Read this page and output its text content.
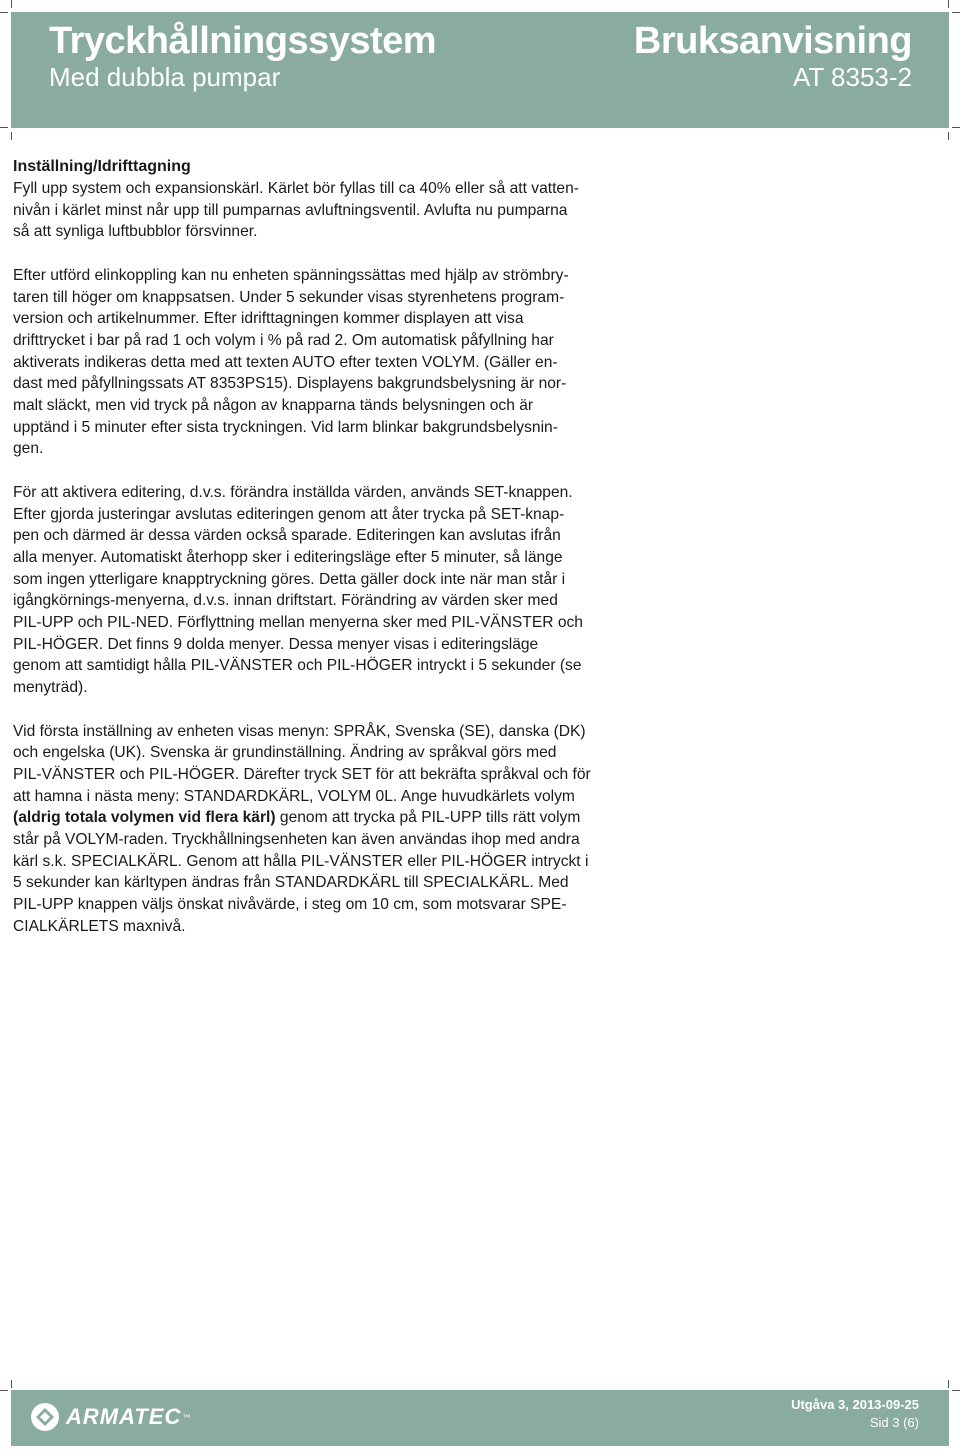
Tryckhållningssystem
Med dubbla pumpar
Bruksanvisning
AT 8353-2

Inställning/Idrifttagning

Fyll upp system och expansionskärl. Kärlet bör fyllas till ca 40% eller så att vatten-
nivån i kärlet minst når upp till pumparnas avluftningsventil. Avlufta nu pumparna
så att synliga luftbubblor försvinner.
Efter utförd elinkoppling kan nu enheten spänningssättas med hjälp av strömbry-
taren till höger om knappsatsen. Under 5 sekunder visas styrenhetens program-
version och artikelnummer. Efter idrifttagningen kommer displayen att visa
drifttrycket i bar på rad 1 och volym i % på rad 2. Om automatisk påfyllning har
aktiverats indikeras detta med att texten AUTO efter texten VOLYM. (Gäller en-
dast med påfyllningssats AT 8353PS15). Displayens bakgrundsbelysning är nor-
malt släckt, men vid tryck på någon av knapparna tänds belysningen och är
upptänd i 5 minuter efter sista tryckningen. Vid larm blinkar bakgrundsbelysnin-
gen.
För att aktivera editering, d.v.s. förändra inställda värden, används SET-knappen.
Efter gjorda justeringar avslutas editeringen genom att åter trycka på SET-knap-
pen och därmed är dessa värden också sparade. Editeringen kan avslutas ifrån
alla menyer. Automatiskt återhopp sker i editeringsläge efter 5 minuter, så länge
som ingen ytterligare knapptryckning göres. Detta gäller dock inte när man står i
igångkörnings-menyerna, d.v.s. innan driftstart. Förändring av värden sker med
PIL-UPP och PIL-NED. Förflyttning mellan menyerna sker med PIL-VÄNSTER och
PIL-HÖGER. Det finns 9 dolda menyer. Dessa menyer visas i editeringsläge
genom att samtidigt hålla PIL-VÄNSTER och PIL-HÖGER intryckt i 5 sekunder (se
menyträd).
Vid första inställning av enheten visas menyn: SPRÅK, Svenska (SE), danska (DK)
och engelska (UK). Svenska är grundinställning. Ändring av språkval görs med
PIL-VÄNSTER och PIL-HÖGER. Därefter tryck SET för att bekräfta språkval och för
att hamna i nästa meny: STANDARDKÄRL, VOLYM 0L. Ange huvudkärlets volym
(aldrig totala volymen vid flera kärl) genom att trycka på PIL-UPP tills rätt volym
står på VOLYM-raden. Tryckhållningsenheten kan även användas ihop med andra
kärl s.k. SPECIALKÄRL. Genom att hålla PIL-VÄNSTER eller PIL-HÖGER intryckt i
5 sekunder kan kärltypen ändras från STANDARDKÄRL till SPECIALKÄRL. Med
PIL-UPP knappen väljs önskat nivåvärde, i steg om 10 cm, som motsvarar SPE-
CIALKÄRLETS maxnivå.
ARMATEC ™
Utgåva 3, 2013-09-25
Sid 3 (6)
